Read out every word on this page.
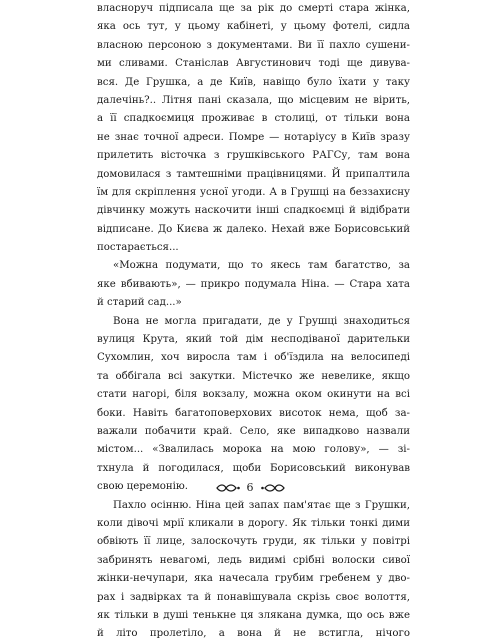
власноруч підписала ще за рік до смерті стара жінка,
яка ось тут, у цьому кабінеті, у цьому фотелі, сидла
власною персоною з документами. Ви її пахло сушени-
ми сливами. Станіслав Августинович тоді ще дивува-
вся. Де Грушка, а де Київ, навіщо було їхати у таку
далечінь?.. Літня пані сказала, що місцевим не вірить,
а її спадкоємиця проживає в столиці, от тільки вона
не знає точної адреси. Помре — нотаріусу в Київ зразу
прилетить вісточка з грушківського РАГСу, там вона
домовилася з тамтешніми працівницями. Й припалтила
їм для скріплення усної угоди. А в Грушці на беззахисну
дівчинку можуть наскочити інші спадкоємці й відібрати
відписане. До Києва ж далеко. Нехай вже Борисовський
постарається...
«Можна подумати, що то якесь там багатство, за
яке вбивають», — прикро подумала Ніна. — Стара хата
й старий сад...»
Вона не могла пригадати, де у Грушці знаходиться
вулиця Крута, який той дім несподіваної дарительки
Сухомлин, хоч виросла там і об'їздила на велосипеді
та оббігала всі закутки. Містечко же невелике, якщо
стати нагорі, біля вокзалу, можна оком окинути на всі
боки. Навіть багатоповерхових висоток нема, щоб за-
важали побачити край. Село, яке випадково назвали
містом... «Звалилась морока на мою голову», — зі-
тхнула й погодилася, щоби Борисовський виконував
свою церемонію.
Пахло осінню. Ніна цей запах пам'ятає ще з Грушки,
коли дівочі мрії кликали в дорогу. Як тільки тонкі дими
обвіють її лице, залоскочуть груди, як тільки у повітрі
забринять невагомі, ледь видимі срібні волоски сивої
жінки-нечупари, яка начесала грубим гребенем у дво-
рах і задвірках та й понавішувала скрізь своє волоття,
як тільки в душі тенькне ця злякана думка, що ось вже
й літо пролетіло, а вона й не встигла, нічого
6
